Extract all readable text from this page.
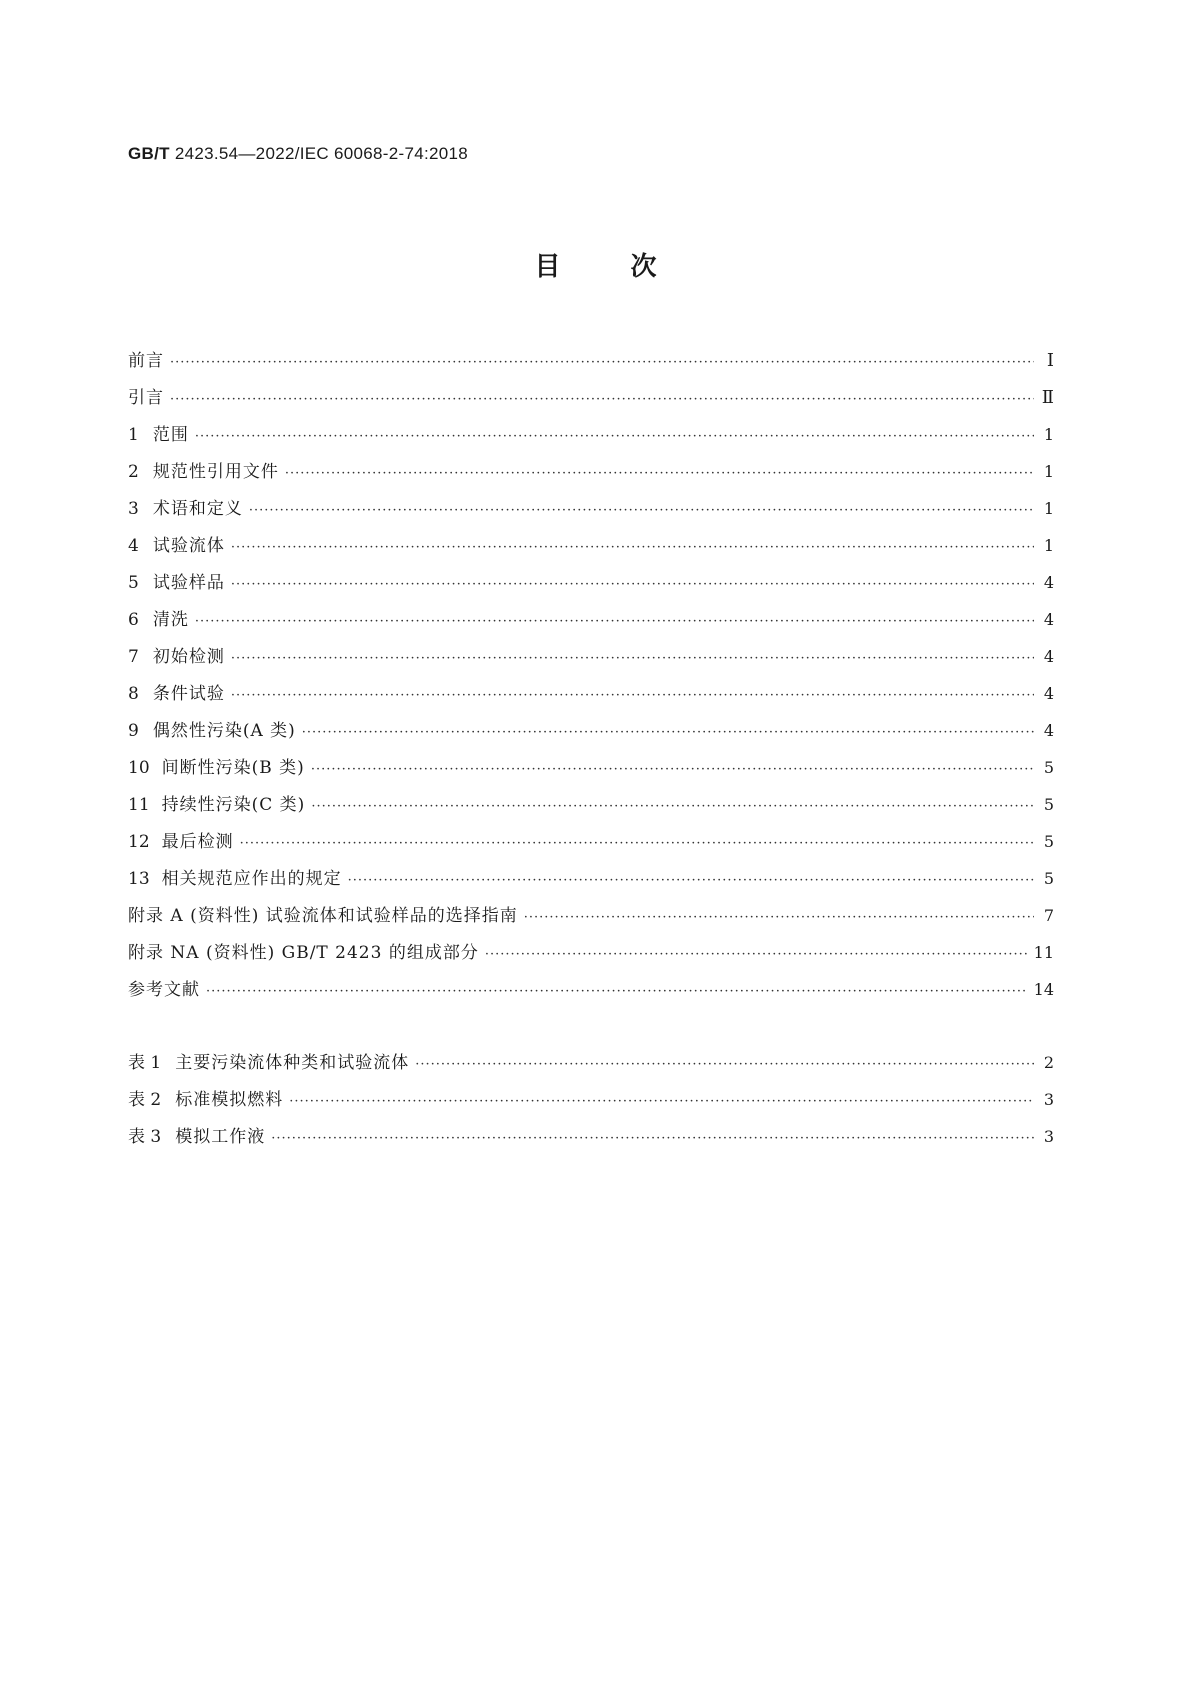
GB/T 2423.54—2022/IEC 60068-2-74:2018
目	次
前言 ·····	Ⅰ
引言 ·····	Ⅱ
1 范围 ·····	1
2 规范性引用文件 ·····	1
3 术语和定义 ·····	1
4 试验流体 ·····	1
5 试验样品 ·····	4
6 清洗 ·····	4
7 初始检测 ·····	4
8 条件试验 ·····	4
9 偶然性污染(A 类) ·····	4
10 间断性污染(B 类) ·····	5
11 持续性污染(C 类) ·····	5
12 最后检测 ·····	5
13 相关规范应作出的规定 ·····	5
附录 A (资料性) 试验流体和试验样品的选择指南 ·····	7
附录 NA (资料性) GB/T 2423 的组成部分 ·····	11
参考文献 ·····	14
表 1 主要污染流体种类和试验流体 ·····	2
表 2 标准模拟燃料 ·····	3
表 3 模拟工作液 ·····	3
